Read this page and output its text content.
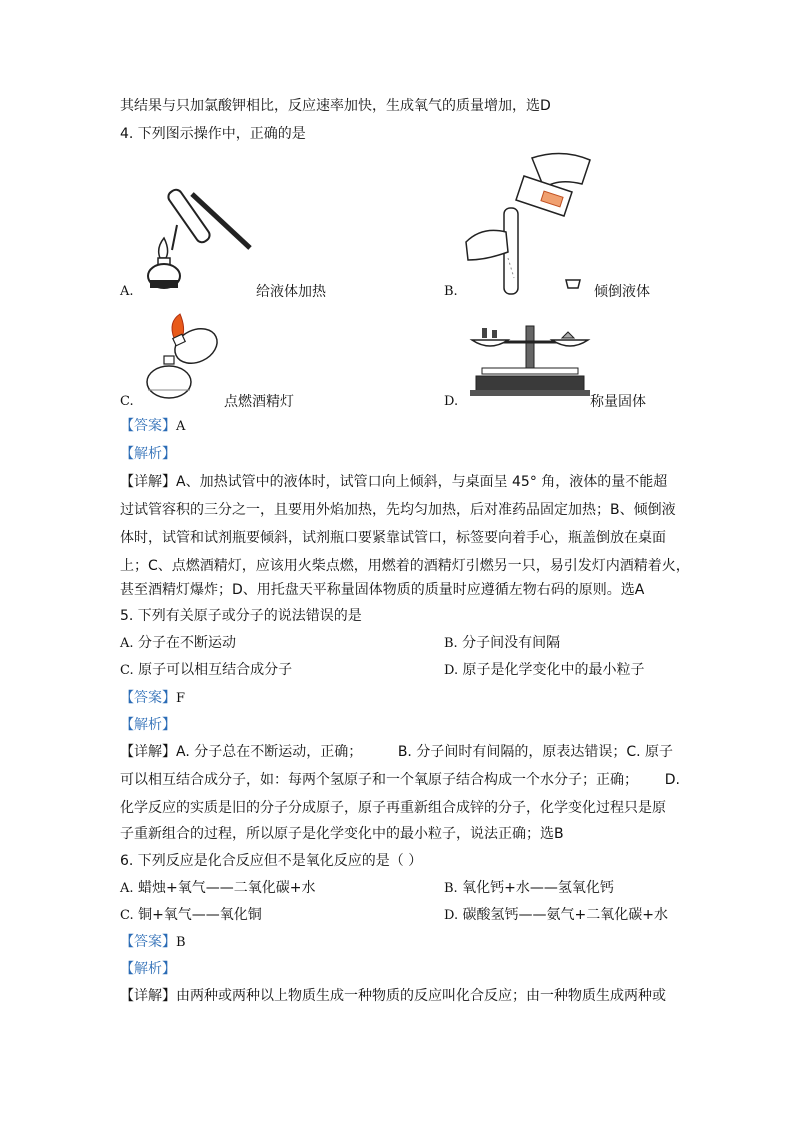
其结果与只加氯酸钾相比，反应速率加快，生成氧气的质量增加，选D
4. 下列图示操作中，正确的是
A.	给液体加热	B.	倾倒液体
C.	点燃酒精灯	D.	称量固体
【答案】A
【解析】
【详解】A、加热试管中的液体时，试管口向上倾斜，与桌面呈 45° 角，液体的量不能超
过试管容积的三分之一，且要用外焰加热，先均匀加热，后对准药品固定加热；B、倾倒液
体时，试管和试剂瓶要倾斜，试剂瓶口要紧靠试管口，标签要向着手心，瓶盖倒放在桌面
上；C、点燃酒精灯，应该用火柴点燃，用燃着的酒精灯引燃另一只，易引发灯内酒精着火，
甚至酒精灯爆炸；D、用托盘天平称量固体物质的质量时应遵循左物右码的原则。选A
5. 下列有关原子或分子的说法错误的是
A. 分子在不断运动	B. 分子间没有间隔
C. 原子可以相互结合成分子	D. 原子是化学变化中的最小粒子
【答案】F
【解析】
【详解】A. 分子总在不断运动，正确；        B. 分子间时有间隔的，原表达错误；C. 原子
可以相互结合成分子，如：每两个氢原子和一个氧原子结合构成一个水分子；正确；      D.
化学反应的实质是旧的分子分成原子，原子再重新组合成锌的分子，化学变化过程只是原
子重新组合的过程，所以原子是化学变化中的最小粒子，说法正确；选B
6. 下列反应是化合反应但不是氧化反应的是（ ）
A. 蜡烛+氧气——二氧化碳+水	B. 氧化钙+水——氢氧化钙
C. 铜+氧气——氧化铜	D. 碳酸氢钙——氨气+二氧化碳+水
【答案】B
【解析】
【详解】由两种或两种以上物质生成一种物质的反应叫化合反应；由一种物质生成两种或
